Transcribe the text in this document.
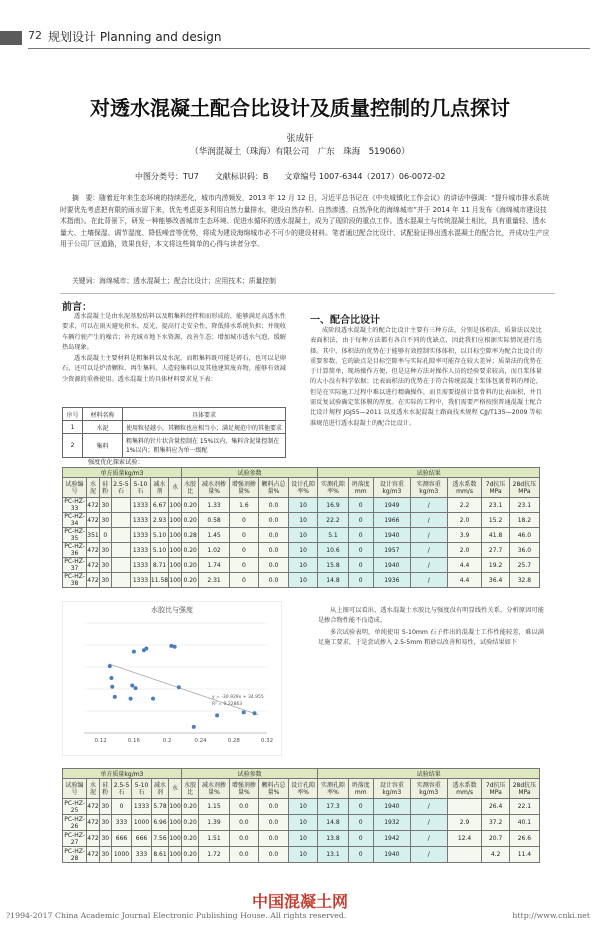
72 规划设计 Planning and design
对透水混凝土配合比设计及质量控制的几点探讨
张成轩
（华润混凝土（珠海）有限公司　广东　珠海　519060）
中图分类号：TU7 文献标识码：B 文章编号 1007-6344（2017）06-0072-02

摘　要：随着近年来生态环境的持续恶化，城市内涝频发，2013 年 12 月 12 日，习近平总书记在《中央城镇化工作会议》的讲话中强调：“提升城市排水系统时要优先考虑把有限的雨水留下来，优先考虑更多利用自然力量排水，建设自然存积、自然渗透、自然净化的海绵城市”并于 2014 年 11 月发布《海绵城市建设技术指南》。在此背景下，研发一种能够改善城市生态环境、促进水循环的透水混凝土，成为了现阶段的重点工作。透水混凝土与传统混凝土相比，具有重量轻、透水量大、土壤保湿、调节湿度、降低噪音等优势，将成为建设海绵城市必不可少的建设材料。笔者通过配合比设计、试配验证得出透水混凝土的配合比，并成功生产应用于公司厂区道路，效果良好，本文将这些简单的心得与读者分享。

关键词：海绵城市；透水混凝土；配合比设计；应用技术；质量控制
前言：

透水混凝土是由水泥基胶结料以及粗集料经拌和而形成的，能够满足高透水性要求，可以在雨天避免积水、反光，提高行走安全性，降低排水系统负担；并现收车辆行驶产生的噪音；补充城市地下水资源，改善生态；增加城市透水气泡、缓解热岛现象。

透水混凝土主要材料是粗集料以及水泥，而粗集料既可能是碎石，也可以是卵石，还可以是炉渣颗粒、再生集料、人造轻集料以及其他建筑废弃物，能够有效减少资源的重叠使用。透水混凝土的具体材料要求见下表：

序号	材料名称	具体要求
1	水泥	使用粒径越小，其颗粒也应相当小；满足规范中的其他要求
2	集料	粗集料的针片状含量控制在 15%以内，集料含泥量控制在 1%以内；粗集料应为单一级配
强度优化探索试验：
一、配合比设计

成阶段透水混凝土的配合比设计主要有三种方法，分别是体积法、质量法以及比表面积法，由于每种方法都有各自不同的优缺点，因此我们应根据实际情况进行选择。其中，体积法的优势在于能够有效控制实体体积，以目标空隙率为配合比设计的重要参数，它的缺点是目标空隙率与实际孔隙率可能存在较大差异；质量法的优势在于计算简单，现场操作方便，但是这种方法对操作人员的经验要求较高，而且浆体量的大小没有科学依据；比表面积法的优势在于符合传统混凝土浆体包裹骨料的理论，但是在实际施工过程中难以进行精确操作，而且需要提前计算骨料的比表面积，并且需反复试验确定浆体膜的厚度。在实际的工程中，我们需要严格按照普通混凝土配合比设计规程 JGJ55—2011 以及透水水泥混凝土路面技术规程 CJJ/T135—2009 等标准规范进行透水混凝土的配合比设计。

单方质量kg/m3							试验参数					试验结果						
试验编号	水泥	硅粉	2.5-5石	5-10石	减水剂	水	水胶比	减水剂掺量%	增强剂掺量%	颗料占总量%	设计孔隙率%	实测孔隙率%	坍落度mm	设计容重kg/m3	实测容重kg/m3	透水系数mm/s	7d抗压MPa	28d抗压MPa
PC-HZ-33	472	30		1333	6.67	100	0.20	1.33	1.6	0.0	10	16.9	0	1949	/	2.2	23.1	23.1
PC-HZ-34	472	30		1333	2.93	100	0.20	0.58	0	0.0	10	22.2	0	1966	/	2.0	15.2	18.2
PC-HZ-35	351	0		1333	5.10	100	0.28	1.45	0	0.0	10	5.1	0	1940	/	3.9	41.8	46.0
PC-HZ-36	472	30		1333	5.10	100	0.20	1.02	0	0.0	10	10.6	0	1957	/	2.0	27.7	36.0
PC-HZ-37	472	30		1333	8.71	100	0.20	1.74	0	0.0	10	15.8	0	1940	/	4.4	19.2	25.7
PC-HZ-38	472	30		1333	11.58	100	0.20	2.31	0	0.0	10	14.8	0	1936	/	4.4	36.4	32.8
水胶比与强度
0.12	0.16	0.2	0.24	0.28	0.32
y = -30.929x + 34.955
R² = 0.22863

从上图可以看出，透水混凝土水胶比与强度没有明显线性关系，分析原因可能是掺合物性能不良造成。

多次试验表明，单纯使用 5-10mm 石子拌出的混凝土工作性能较差，难以满足施工要求，于是尝试掺入 2.5-5mm 粗砂以改善和易性，试验结果如下

单方质量kg/m3							试验参数					试验结果						
试验编号	水泥	硅粉	2.5-5石	5-10石	减水剂	水	水胶比	减水剂掺量%	增强剂掺量%	颗料占总量%	设计孔隙率%	实测孔隙率%	坍落度mm	设计容重kg/m3	实测容重kg/m3	透水系数mm/s	7d抗压MPa	28d抗压MPa
PC-HZ-25	472	30	0	1333	5.78	100	0.20	1.15	0.0	0.0	10	17.3	0	1940	/		26.4	22.1
PC-HZ-26	472	30	333	1000	6.96	100	0.20	1.39	0.0	0.0	10	14.8	0	1932	/	2.9	37.2	40.1
PC-HZ-27	472	30	666	666	7.56	100	0.20	1.51	0.0	0.0	10	13.8	0	1942	/	12.4	20.7	26.6
PC-HZ-28	472	30	1000	333	8.61	100	0.20	1.72	0.0	0.0	10	13.1	0	1940	/		4.2	11.4
中国混凝土网
?1994-2017 China Academic Journal Electronic Publishing House. All rights reserved.	http://www.cnki.net
